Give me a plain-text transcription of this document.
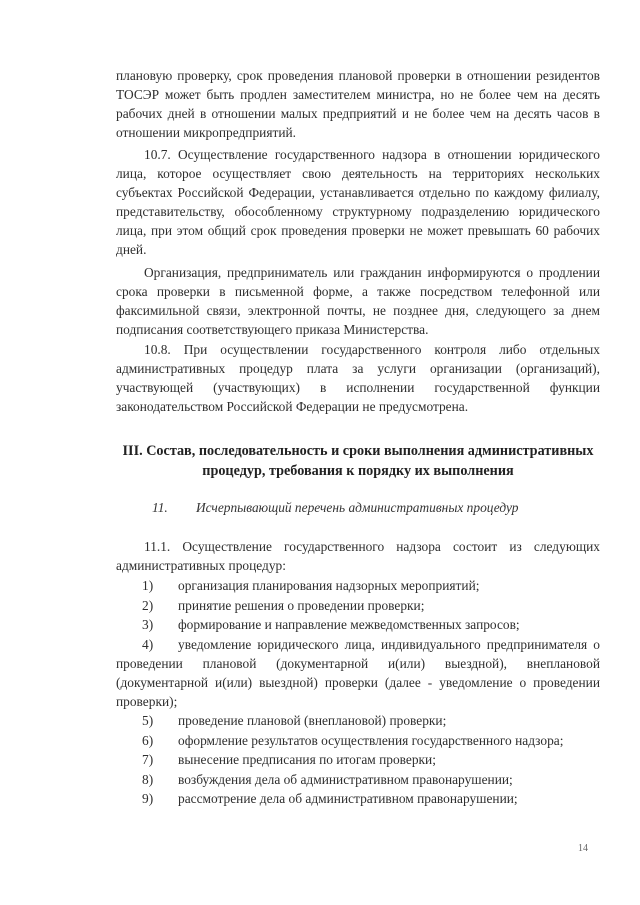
плановую проверку, срок проведения плановой проверки в отношении резидентов ТОСЭР может быть продлен заместителем министра, но не более чем на десять рабочих дней в отношении малых предприятий и не более чем на десять часов в отношении микропредприятий.

10.7. Осуществление государственного надзора в отношении юридического лица, которое осуществляет свою деятельность на территориях нескольких субъектах Российской Федерации, устанавливается отдельно по каждому филиалу, представительству, обособленному структурному подразделению юридического лица, при этом общий срок проведения проверки не может превышать 60 рабочих дней.

Организация, предприниматель или гражданин информируются о продлении срока проверки в письменной форме, а также посредством телефонной или факсимильной связи, электронной почты, не позднее дня, следующего за днем подписания соответствующего приказа Министерства.

10.8. При осуществлении государственного контроля либо отдельных административных процедур плата за услуги организации (организаций), участвующей (участвующих) в исполнении государственной функции законодательством Российской Федерации не предусмотрена.

III. Состав, последовательность и сроки выполнения административных процедур, требования к порядку их выполнения
11. Исчерпывающий перечень административных процедур

11.1. Осуществление государственного надзора состоит из следующих административных процедур:

1)	организация планирования надзорных мероприятий;
2)	принятие решения о проведении проверки;
3)	формирование и направление межведомственных запросов;
4)	уведомление юридического лица, индивидуального предпринимателя о проведении плановой (документарной и(или) выездной), внеплановой (документарной и(или) выездной) проверки (далее - уведомление о проведении проверки);
5)	проведение плановой (внеплановой) проверки;
6)	оформление результатов осуществления государственного надзора;
7)	вынесение предписания по итогам проверки;
8)	возбуждения дела об административном правонарушении;
9)	рассмотрение дела об административном правонарушении;
14
